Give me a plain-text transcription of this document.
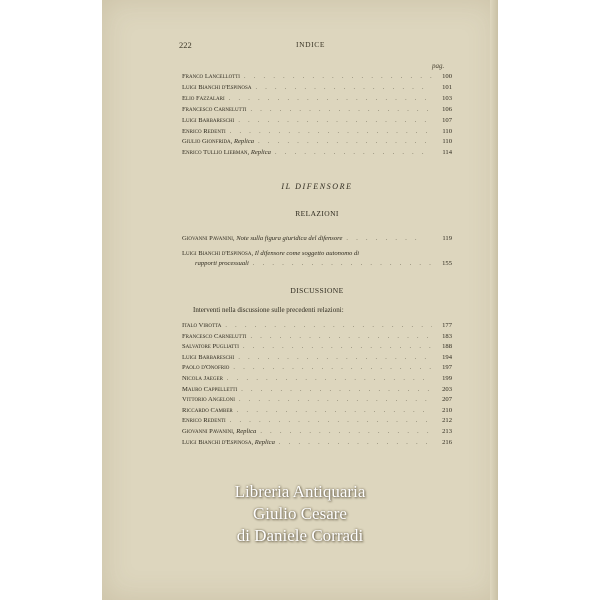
222	INDICE
pag.
Franco Lancellotti . . .	100
Luigi Bianchi d'Espinosa . . .	101
Elio Fazzalari . . .	103
Francesco Carnelutti . . .	106
Luigi Barbareschi . . .	107
Enrico Redenti . . .	110
Giulio Gionfrida , Replica . . .	110
Enrico Tullio Liebman , Replica . . .	114
IL DIFENSORE
RELAZIONI
Giovanni Pavanini , Note sulla figura giuridica del difensore . . . . . . . .	119
Luigi Bianchi d'Espinosa, Il difensore come soggetto autonomo di
rapporti processuali . . .	155
DISCUSSIONE
Interventi nella discussione sulle precedenti relazioni:
Italo Virotta . . .	177
Francesco Carnelutti . . .	183
Salvatore Pugliatti . . .	188
Luigi Barbareschi . . .	194
Paolo d'Onofrio . . .	197
Nicola Jaeger . . .	199
Mauro Cappelletti . . .	203
Vittorio Angeloni . . .	207
Riccardo Camber . . .	210
Enrico Redenti . . .	212
Giovanni Pavanini , Replica . . .	213
Luigi Bianchi d'Espinosa , Replica . . .	216
Libreria Antiquaria
Giulio Cesare
di Daniele Corradi
